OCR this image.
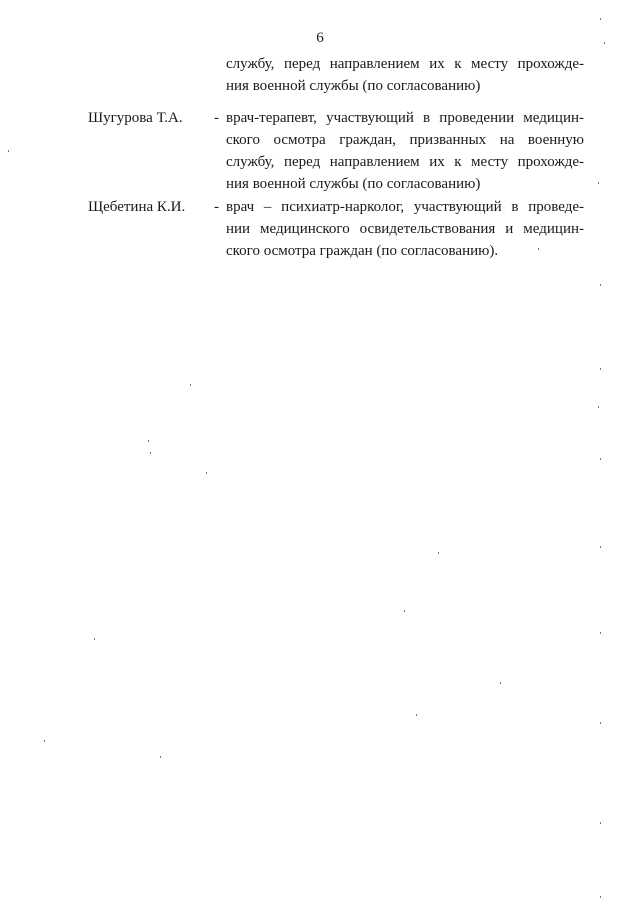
6
службу, перед направлением их к месту прохожде-
ния военной службы (по согласованию)
Шугурова Т.А. - врач-терапевт, участвующий в проведении медицин-
ского осмотра граждан, призванных на военную
службу, перед направлением их к месту прохожде-
ния военной службы (по согласованию)
Щебетина К.И. - врач – психиатр-нарколог, участвующий в проведе-
нии медицинского освидетельствования и медицин-
ского осмотра граждан (по согласованию).
